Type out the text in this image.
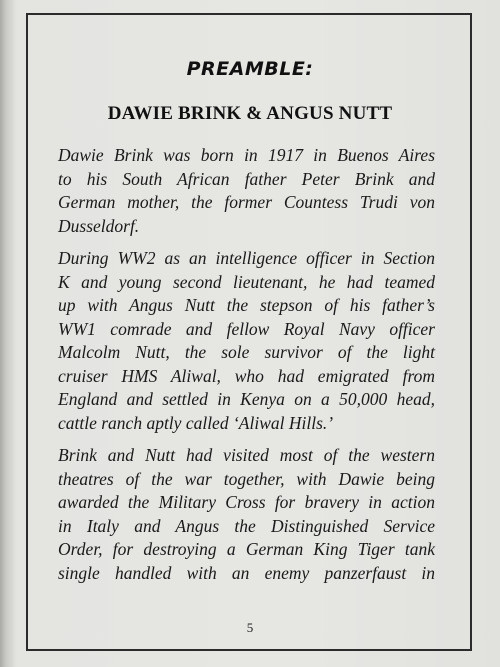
PREAMBLE:
DAWIE BRINK & ANGUS NUTT

Dawie Brink was born in 1917 in Buenos Aires
to his South African father Peter Brink and
German mother, the former Countess Trudi von
Dusseldorf.

During WW2 as an intelligence officer in Section
K and young second lieutenant, he had teamed
up with Angus Nutt the stepson of his father’s
WW1 comrade and fellow Royal Navy officer
Malcolm Nutt, the sole survivor of the light
cruiser HMS Aliwal, who had emigrated from
England and settled in Kenya on a 50,000 head,
cattle ranch aptly called ‘Aliwal Hills.’

Brink and Nutt had visited most of the western
theatres of the war together, with Dawie being
awarded the Military Cross for bravery in action
in Italy and Angus the Distinguished Service
Order, for destroying a German King Tiger tank
single handled with an enemy panzerfaust in

5
